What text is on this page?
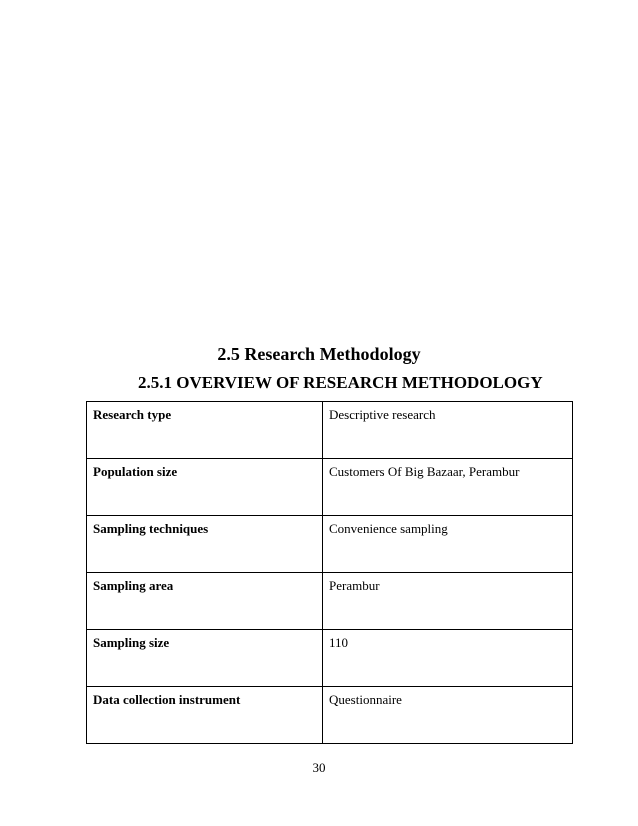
2.5 Research Methodology
2.5.1 OVERVIEW OF RESEARCH METHODOLOGY
Research type	Descriptive research
Population size	Customers Of Big Bazaar, Perambur
Sampling techniques	Convenience sampling
Sampling area	Perambur
Sampling size	110
Data collection instrument	Questionnaire
30
